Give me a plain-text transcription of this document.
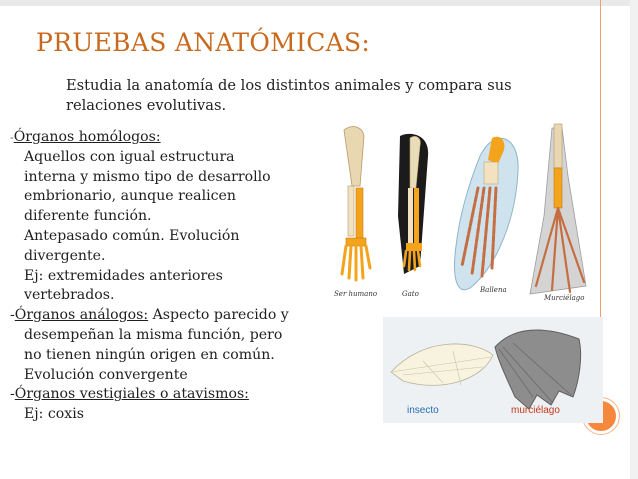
PRUEBAS ANATÓMICAS:
Estudia la anatomía de los distintos animales y compara sus
relaciones evolutivas.

-Órganos homólogos:

Aquellos con igual estructura

interna y mismo tipo de desarrollo

embrionario, aunque realicen

diferente función.

Antepasado común. Evolución

divergente.

Ej: extremidades anteriores

vertebrados.

-Órganos análogos: Aspecto parecido y

desempeñan la misma función, pero

no tienen ningún origen en común.

Evolución convergente

-Órganos vestigiales o atavismos:

Ej: coxis

Ser humano	Gato	Ballena
Murciélago
insecto	murciélago
